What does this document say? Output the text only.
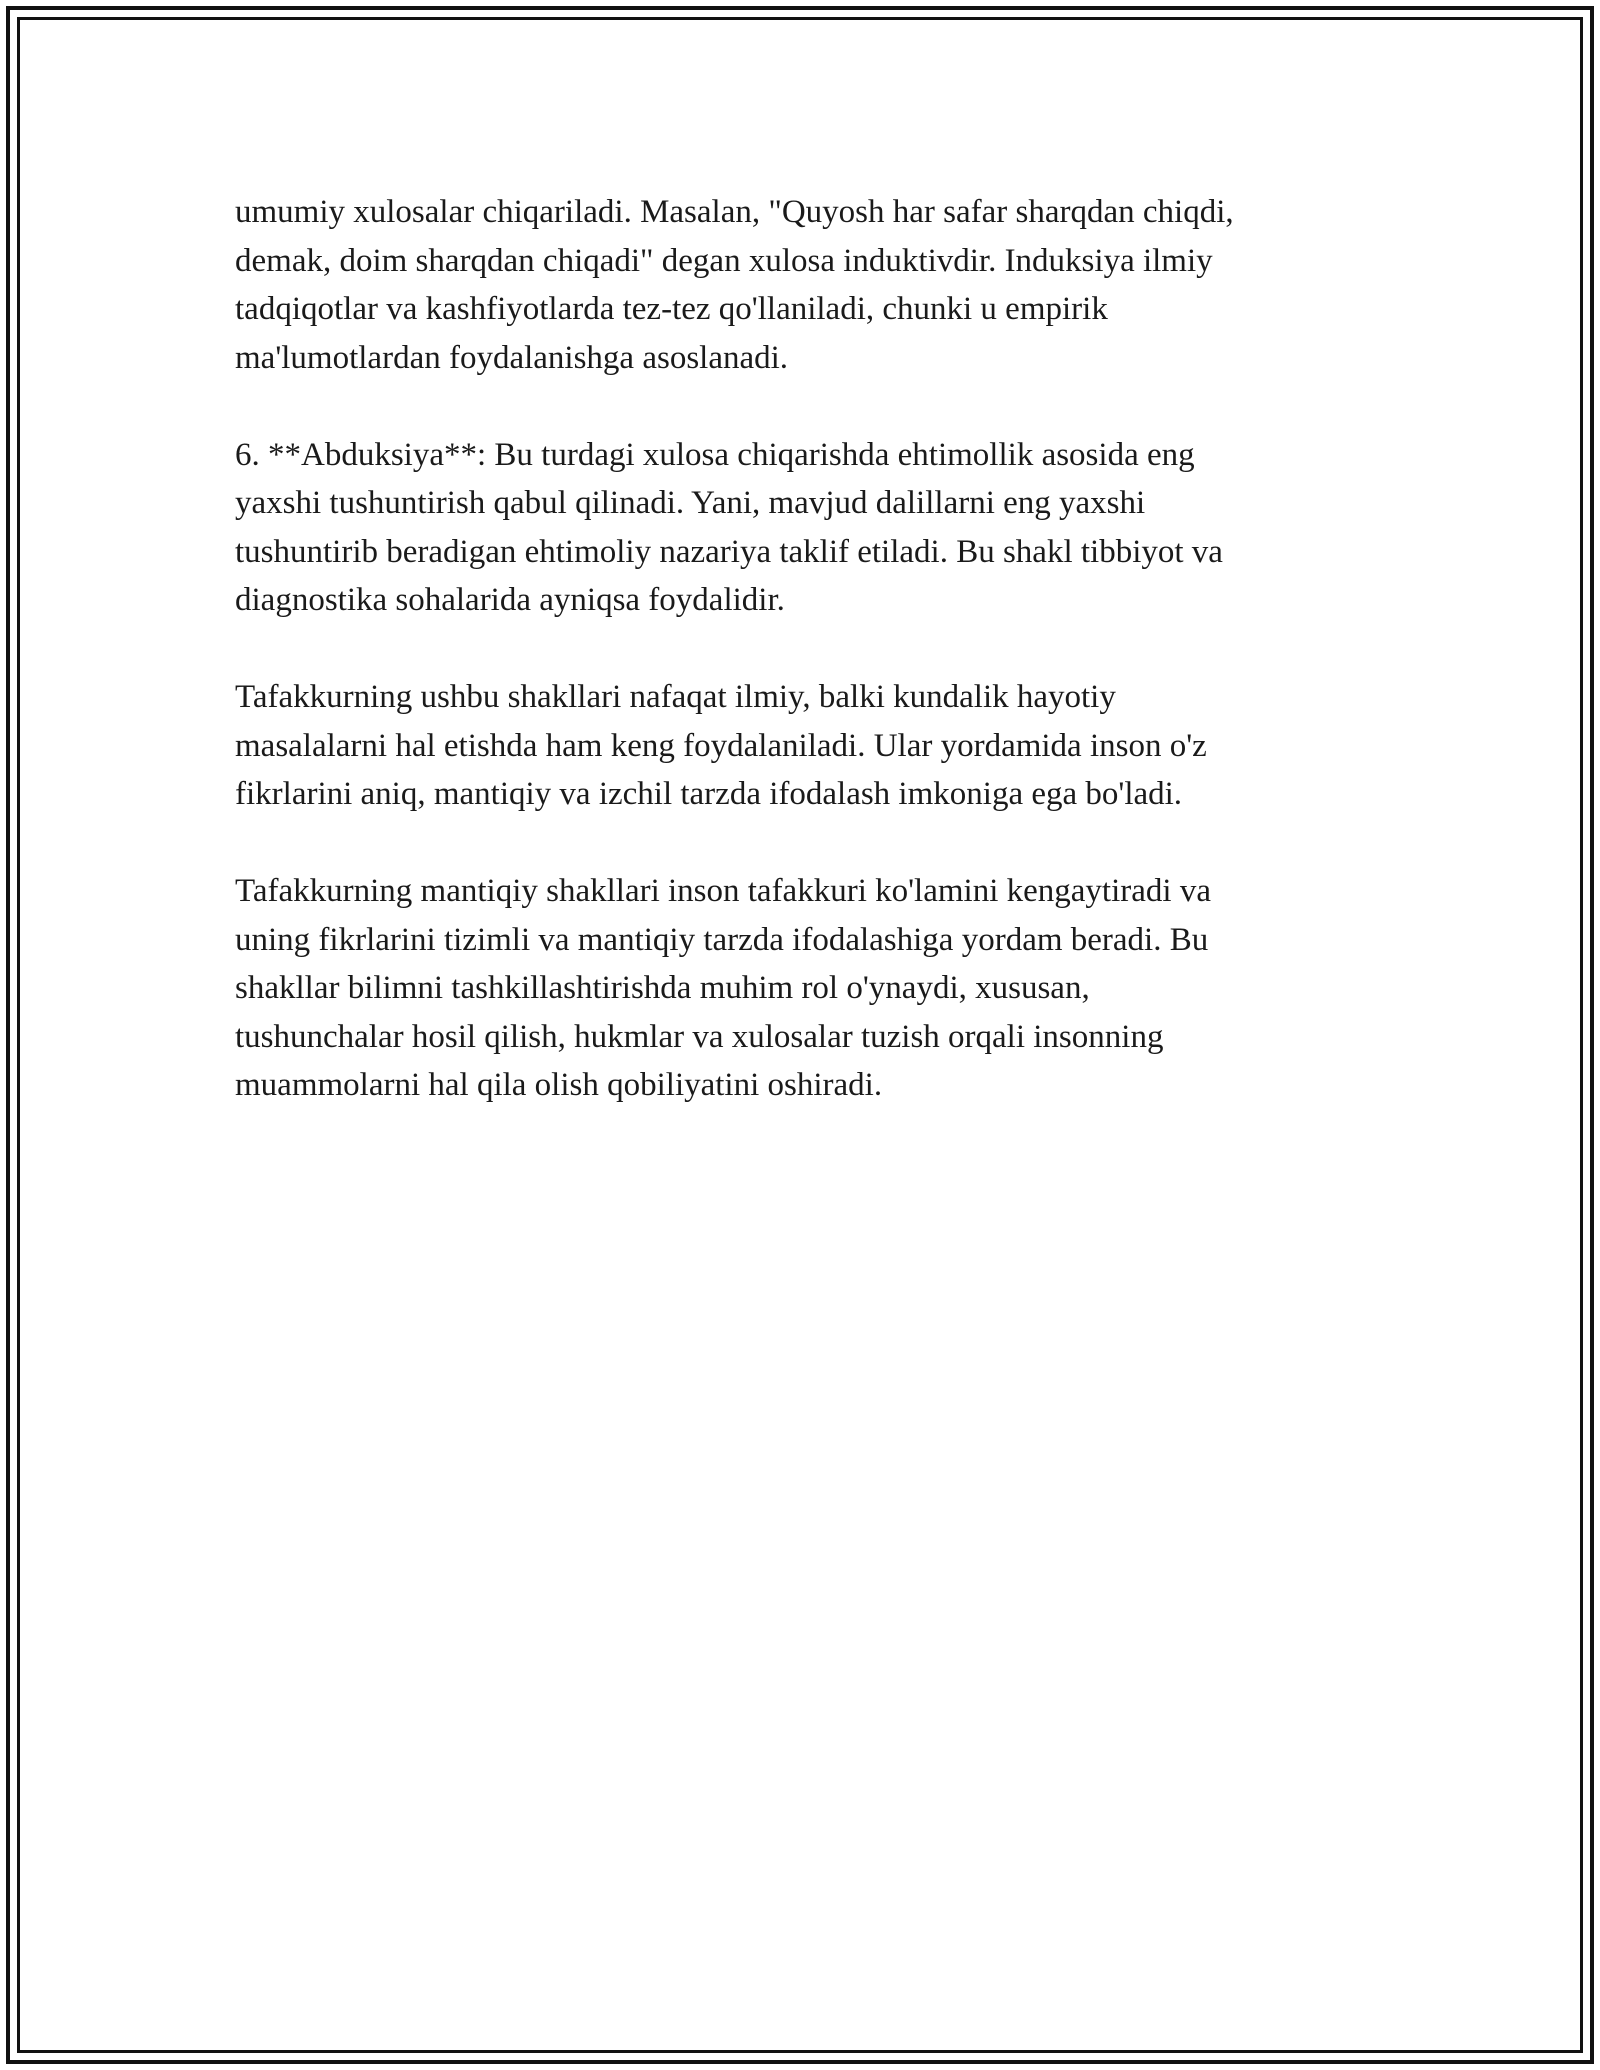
umumiy xulosalar chiqariladi. Masalan, "Quyosh har safar sharqdan chiqdi,
demak, doim sharqdan chiqadi" degan xulosa induktivdir. Induksiya ilmiy
tadqiqotlar va kashfiyotlarda tez-tez qo'llaniladi, chunki u empirik
ma'lumotlardan foydalanishga asoslanadi.

6. **Abduksiya**: Bu turdagi xulosa chiqarishda ehtimollik asosida eng
yaxshi tushuntirish qabul qilinadi. Yani, mavjud dalillarni eng yaxshi
tushuntirib beradigan ehtimoliy nazariya taklif etiladi. Bu shakl tibbiyot va
diagnostika sohalarida ayniqsa foydalidir.

Tafakkurning ushbu shakllari nafaqat ilmiy, balki kundalik hayotiy
masalalarni hal etishda ham keng foydalaniladi. Ular yordamida inson o'z
fikrlarini aniq, mantiqiy va izchil tarzda ifodalash imkoniga ega bo'ladi.

Tafakkurning mantiqiy shakllari inson tafakkuri ko'lamini kengaytiradi va
uning fikrlarini tizimli va mantiqiy tarzda ifodalashiga yordam beradi. Bu
shakllar bilimni tashkillashtirishda muhim rol o'ynaydi, xususan,
tushunchalar hosil qilish, hukmlar va xulosalar tuzish orqali insonning
muammolarni hal qila olish qobiliyatini oshiradi.
